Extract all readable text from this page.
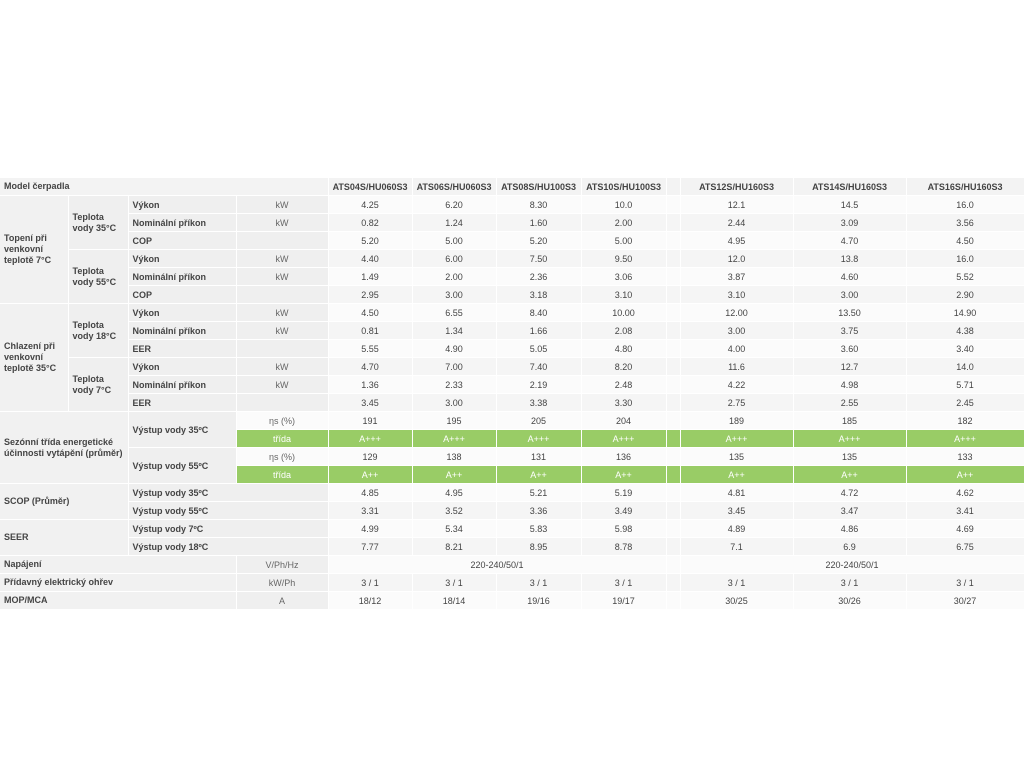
Model čerpadla				ATS04S/HU060S3	ATS06S/HU060S3	ATS08S/HU100S3	ATS10S/HU100S3		ATS12S/HU160S3	ATS14S/HU160S3	ATS16S/HU160S3
Topení při venkovní teplotě 7°C	Teplota vody 35°C	Výkon	kW	4.25	6.20	8.30	10.0		12.1	14.5	16.0
		Nominální příkon	kW	0.82	1.24	1.60	2.00		2.44	3.09	3.56
		COP		5.20	5.00	5.20	5.00		4.95	4.70	4.50
	Teplota vody 55°C	Výkon	kW	4.40	6.00	7.50	9.50		12.0	13.8	16.0
		Nominální příkon	kW	1.49	2.00	2.36	3.06		3.87	4.60	5.52
		COP		2.95	3.00	3.18	3.10		3.10	3.00	2.90
Chlazení při venkovní teplotě 35°C	Teplota vody 18°C	Výkon	kW	4.50	6.55	8.40	10.00		12.00	13.50	14.90
		Nominální příkon	kW	0.81	1.34	1.66	2.08		3.00	3.75	4.38
		EER		5.55	4.90	5.05	4.80		4.00	3.60	3.40
	Teplota vody 7°C	Výkon	kW	4.70	7.00	7.40	8.20		11.6	12.7	14.0
		Nominální příkon	kW	1.36	2.33	2.19	2.48		4.22	4.98	5.71
		EER		3.45	3.00	3.38	3.30		2.75	2.55	2.45
Sezónní třída energetické účinnosti vytápění (průměr)		Výstup vody 35ºC	ηs (%)	191	195	205	204		189	185	182
			třída	A+++	A+++	A+++	A+++		A+++	A+++	A+++
		Výstup vody 55ºC	ηs (%)	129	138	131	136		135	135	133
			třída	A++	A++	A++	A++		A++	A++	A++
SCOP (Průměr)		Výstup vody 35ºC		4.85	4.95	5.21	5.19		4.81	4.72	4.62
		Výstup vody 55ºC		3.31	3.52	3.36	3.49		3.45	3.47	3.41
SEER		Výstup vody 7ºC		4.99	5.34	5.83	5.98		4.89	4.86	4.69
		Výstup vody 18ºC		7.77	8.21	8.95	8.78		7.1	6.9	6.75
Napájení			V/Ph/Hz	220-240/50/1					220-240/50/1		
Přídavný elektrický ohřev			kW/Ph	3 / 1	3 / 1	3 / 1	3 / 1		3 / 1	3 / 1	3 / 1
MOP/MCA			A	18/12	18/14	19/16	19/17		30/25	30/26	30/27
